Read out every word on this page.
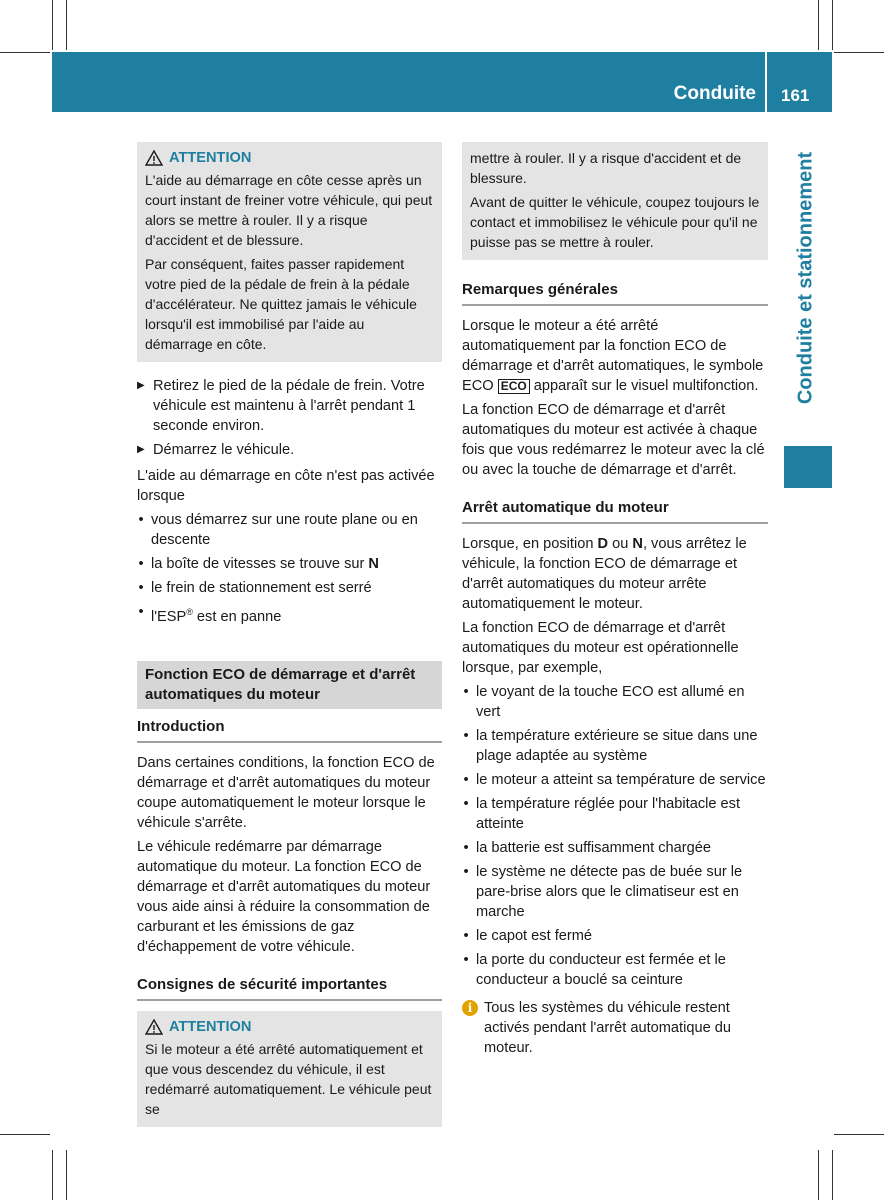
Conduite 161
Conduite et stationnement
ATTENTION

L'aide au démarrage en côte cesse après un court instant de freiner votre véhicule, qui peut alors se mettre à rouler. Il y a risque d'accident et de blessure.

Par conséquent, faites passer rapidement votre pied de la pédale de frein à la pédale d'accélérateur. Ne quittez jamais le véhicule lorsqu'il est immobilisé par l'aide au démarrage en côte.

▶ Retirez le pied de la pédale de frein. Votre véhicule est maintenu à l'arrêt pendant 1 seconde environ.
▶ Démarrez le véhicule.

L'aide au démarrage en côte n'est pas activée lorsque

• vous démarrez sur une route plane ou en descente
• la boîte de vitesses se trouve sur N
• le frein de stationnement est serré
• l'ESP® est en panne
Fonction ECO de démarrage et d'arrêt automatiques du moteur
Introduction

Dans certaines conditions, la fonction ECO de démarrage et d'arrêt automatiques du moteur coupe automatiquement le moteur lorsque le véhicule s'arrête.

Le véhicule redémarre par démarrage automatique du moteur. La fonction ECO de démarrage et d'arrêt automatiques du moteur vous aide ainsi à réduire la consommation de carburant et les émissions de gaz d'échappement de votre véhicule.

Consignes de sécurité importantes
ATTENTION

Si le moteur a été arrêté automatiquement et que vous descendez du véhicule, il est redémarré automatiquement. Le véhicule peut se

mettre à rouler. Il y a risque d'accident et de blessure.

Avant de quitter le véhicule, coupez toujours le contact et immobilisez le véhicule pour qu'il ne puisse pas se mettre à rouler.

Remarques générales

Lorsque le moteur a été arrêté automatiquement par la fonction ECO de démarrage et d'arrêt automatiques, le symbole ECO ECO apparaît sur le visuel multifonction.

La fonction ECO de démarrage et d'arrêt automatiques du moteur est activée à chaque fois que vous redémarrez le moteur avec la clé ou avec la touche de démarrage et d'arrêt.

Arrêt automatique du moteur

Lorsque, en position D ou N, vous arrêtez le véhicule, la fonction ECO de démarrage et d'arrêt automatiques du moteur arrête automatiquement le moteur.

La fonction ECO de démarrage et d'arrêt automatiques du moteur est opérationnelle lorsque, par exemple,

• le voyant de la touche ECO est allumé en vert
• la température extérieure se situe dans une plage adaptée au système
• le moteur a atteint sa température de service
• la température réglée pour l'habitacle est atteinte
• la batterie est suffisamment chargée
• le système ne détecte pas de buée sur le pare-brise alors que le climatiseur est en marche
• le capot est fermé
• la porte du conducteur est fermée et le conducteur a bouclé sa ceinture
i Tous les systèmes du véhicule restent activés pendant l'arrêt automatique du moteur.
